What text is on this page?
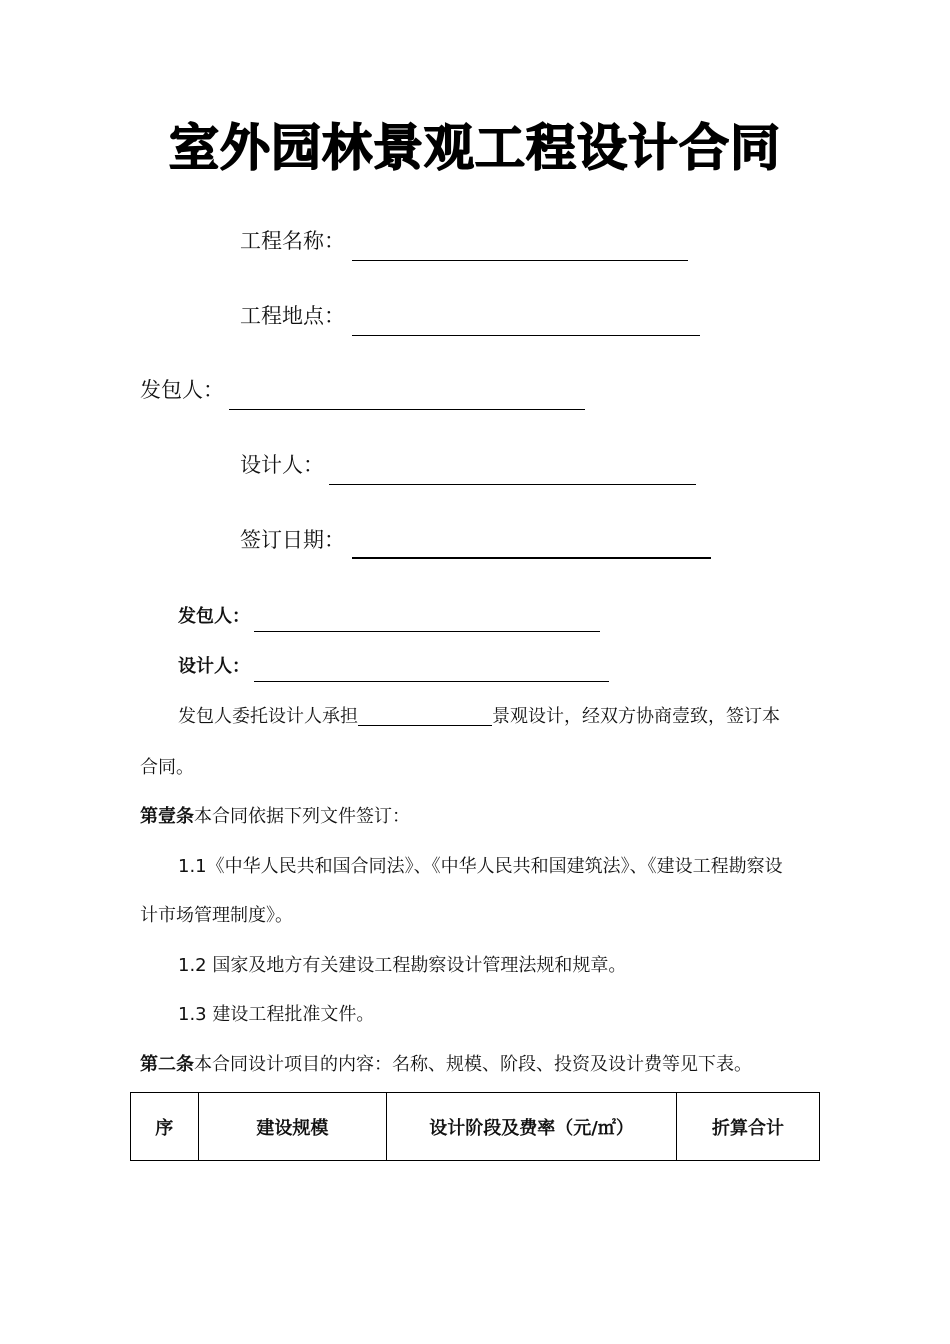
室外园林景观工程设计合同
工程名称：
工程地点：
发包人：
设计人：
签订日期：
发包人：
设计人：
发包人委托设计人承担	景观设计，经双方协商壹致，签订本
合同。
第壹条本合同依据下列文件签订：
1.1《中华人民共和国合同法》、《中华人民共和国建筑法》、《建设工程勘察设
计市场管理制度》。
1.2 国家及地方有关建设工程勘察设计管理法规和规章。
1.3 建设工程批准文件。
第二条本合同设计项目的内容：名称、规模、阶段、投资及设计费等见下表。
序	建设规模	设计阶段及费率（元/㎡）	折算合计
